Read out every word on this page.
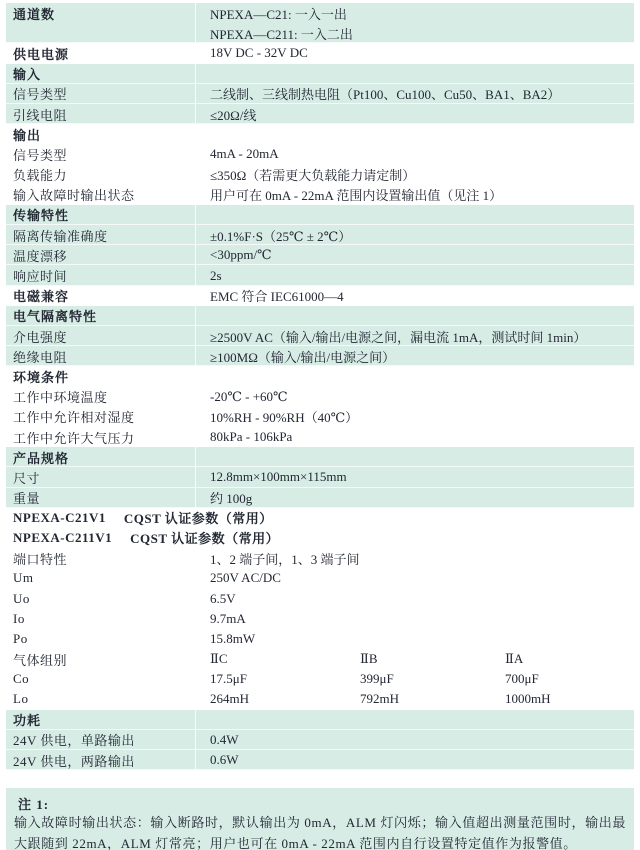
通道数	NPEXA—C21: 一入一出
NPEXA—C211: 一入二出
供电电源	18V DC - 32V DC
输入
信号类型	二线制、三线制热电阻（Pt100、Cu100、Cu50、BA1、BA2）
引线电阻	≤20Ω/线
输出
信号类型	4mA - 20mA
负载能力	≤350Ω（若需更大负载能力请定制）
输入故障时输出状态	用户可在 0mA - 22mA 范围内设置输出值（见注 1）
传输特性
隔离传输准确度	±0.1%F·S（25℃ ± 2℃）
温度漂移	<30ppm/℃
响应时间	2s
电磁兼容	EMC 符合 IEC61000—4
电气隔离特性
介电强度	≥2500V AC（输入/输出/电源之间，漏电流 1mA，测试时间 1min）
绝缘电阻	≥100MΩ（输入/输出/电源之间）
环境条件
工作中环境温度	-20℃ - +60℃
工作中允许相对湿度	10%RH - 90%RH（40℃）
工作中允许大气压力	80kPa - 106kPa
产品规格
尺寸	12.8mm×100mm×115mm
重量	约 100g
NPEXA-C21V1 CQST 认证参数（常用）
NPEXA-C211V1 CQST 认证参数（常用）
端口特性	1、2 端子间，1、3 端子间
Um	250V AC/DC
Uo	6.5V
Io	9.7mA
Po	15.8mW
气体组别	ⅡC	ⅡB	ⅡA
Co	17.5μF	399μF	700μF
Lo	264mH	792mH	1000mH
功耗
24V 供电，单路输出	0.4W
24V 供电，两路输出	0.6W
注 1:
输入故障时输出状态：输入断路时，默认输出为 0mA，ALM 灯闪烁；输入值超出测量范围时，输出最大跟随到 22mA，ALM 灯常亮；用户也可在 0mA - 22mA 范围内自行设置特定值作为报警值。
